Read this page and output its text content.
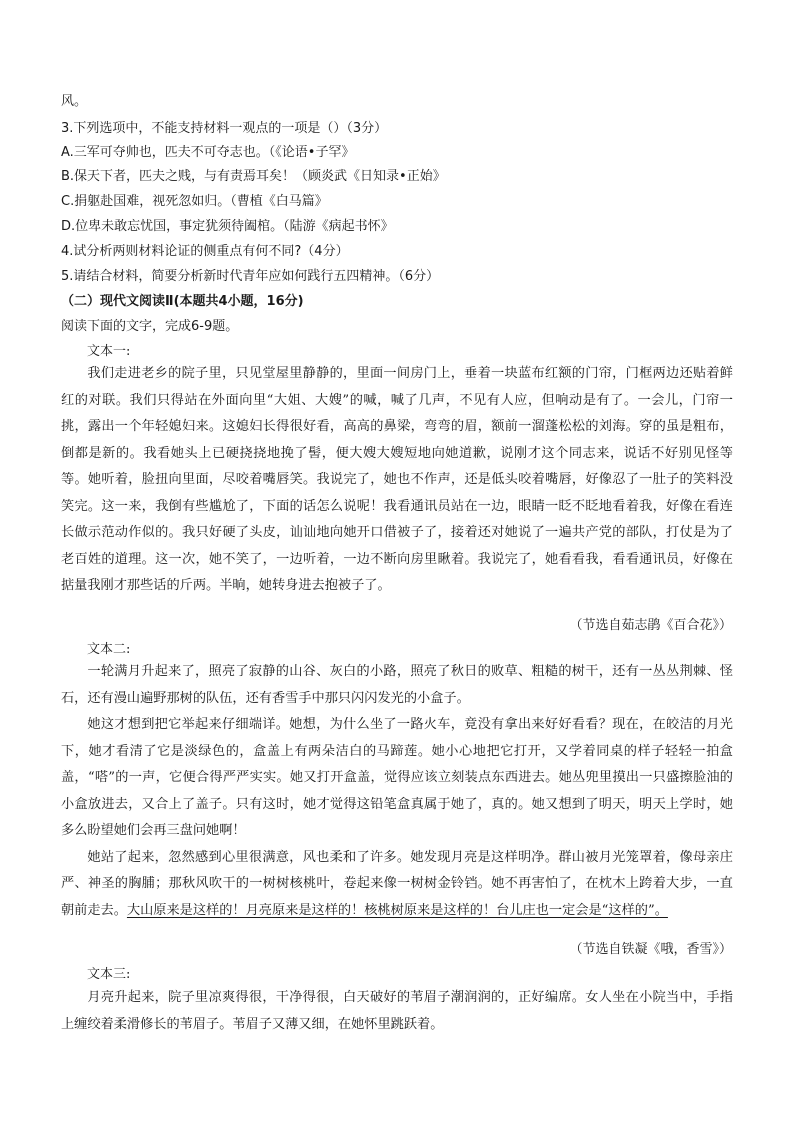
风。
3.下列选项中，不能支持材料一观点的一项是（）（3分）
A.三军可夺帅也，匹夫不可夺志也。（《论语•子罕》
B.保天下者，匹夫之贱，与有责焉耳矣！（顾炎武《日知录•正始》
C.捐躯赴国难，视死忽如归。（曹植《白马篇》
D.位卑未敢忘忧国，事定犹须待阖棺。（陆游《病起书怀》
4.试分析两则材料论证的侧重点有何不同?（4分）
5.请结合材料，简要分析新时代青年应如何践行五四精神。（6分）
（二）现代文阅读Ⅱ(本题共4小题，16分)
阅读下面的文字，完成6-9题。
文本一:

我们走进老乡的院子里，只见堂屋里静静的，里面一间房门上，垂着一块蓝布红额的门帘，门框两边还贴着鲜红的对联。我们只得站在外面向里“大姐、大嫂”的喊，喊了几声，不见有人应，但响动是有了。一会儿，门帘一挑，露出一个年轻媳妇来。这媳妇长得很好看，高高的鼻梁，弯弯的眉，额前一溜蓬松松的刘海。穿的虽是粗布，倒都是新的。我看她头上已硬挠挠地挽了髻，便大嫂大嫂短地向她道歉，说刚才这个同志来，说话不好别见怪等等。她听着，脸扭向里面，尽咬着嘴唇笑。我说完了，她也不作声，还是低头咬着嘴唇，好像忍了一肚子的笑料没笑完。这一来，我倒有些尴尬了，下面的话怎么说呢！我看通讯员站在一边，眼睛一眨不眨地看着我，好像在看连长做示范动作似的。我只好硬了头皮，讪讪地向她开口借被子了，接着还对她说了一遍共产党的部队，打仗是为了老百姓的道理。这一次，她不笑了，一边听着，一边不断向房里瞅着。我说完了，她看看我，看看通讯员，好像在掂量我刚才那些话的斤两。半晌，她转身进去抱被子了。

（节选自茹志鹃《百合花》）
文本二:

一轮满月升起来了，照亮了寂静的山谷、灰白的小路，照亮了秋日的败草、粗糙的树干，还有一丛丛荆棘、怪石，还有漫山遍野那树的队伍，还有香雪手中那只闪闪发光的小盒子。

她这才想到把它举起来仔细端详。她想，为什么坐了一路火车，竟没有拿出来好好看看？现在，在皎洁的月光下，她才看清了它是淡绿色的，盒盖上有两朵洁白的马蹄莲。她小心地把它打开，又学着同桌的样子轻轻一拍盒盖，“嗒”的一声，它便合得严严实实。她又打开盒盖，觉得应该立刻装点东西进去。她丛兜里摸出一只盛擦脸油的小盒放进去，又合上了盖子。只有这时，她才觉得这铅笔盒真属于她了，真的。她又想到了明天，明天上学时，她多么盼望她们会再三盘问她啊！

她站了起来，忽然感到心里很满意，风也柔和了许多。她发现月亮是这样明净。群山被月光笼罩着，像母亲庄严、神圣的胸脯；那秋风吹干的一树树核桃叶，卷起来像一树树金铃铛。她不再害怕了，在枕木上跨着大步，一直朝前走去。大山原来是这样的！月亮原来是这样的！核桃树原来是这样的！台儿庄也一定会是“这样的”。

（节选自铁凝《哦，香雪》）
文本三:

月亮升起来，院子里凉爽得很，干净得很，白天破好的苇眉子潮润润的，正好编席。女人坐在小院当中，手指上缠绞着柔滑修长的苇眉子。苇眉子又薄又细，在她怀里跳跃着。
